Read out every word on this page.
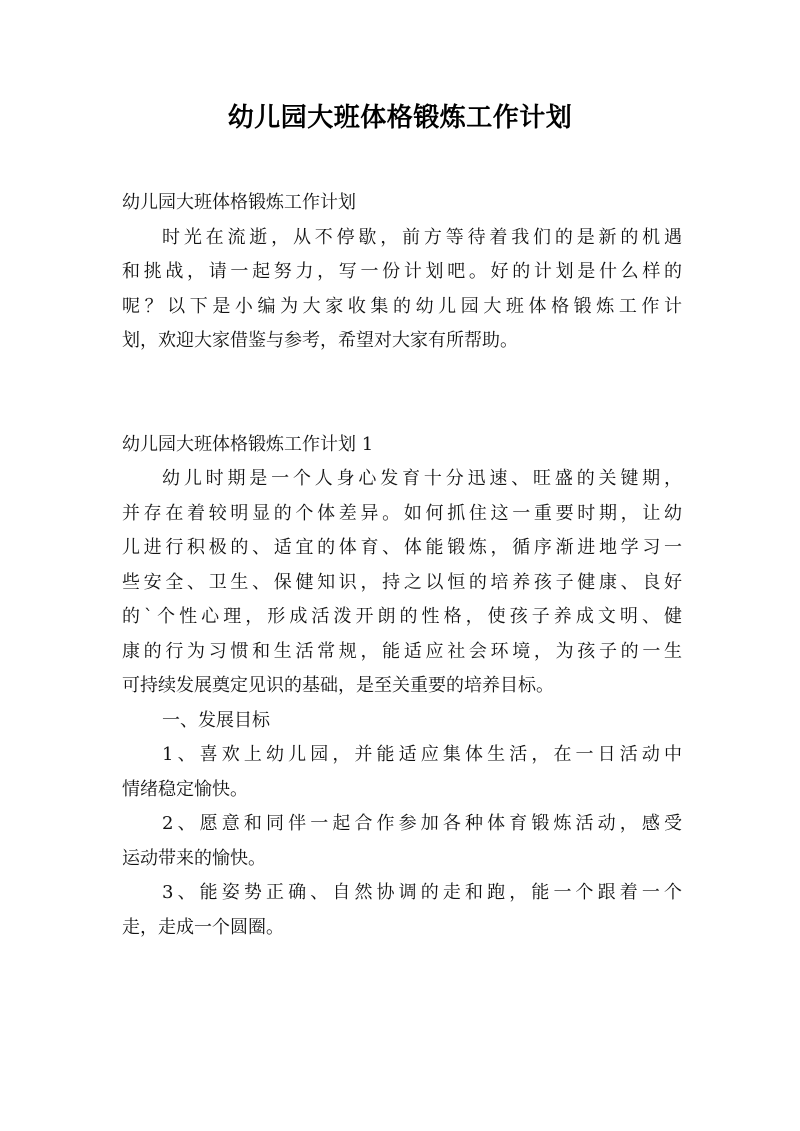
幼儿园大班体格锻炼工作计划

幼儿园大班体格锻炼工作计划

时光在流逝，从不停歇，前方等待着我们的是新的机遇

和挑战，请一起努力，写一份计划吧。好的计划是什么样的

呢？以下是小编为大家收集的幼儿园大班体格锻炼工作计

划，欢迎大家借鉴与参考，希望对大家有所帮助。

幼儿园大班体格锻炼工作计划 1

幼儿时期是一个人身心发育十分迅速、旺盛的关键期，

并存在着较明显的个体差异。如何抓住这一重要时期，让幼

儿进行积极的、适宜的体育、体能锻炼，循序渐进地学习一

些安全、卫生、保健知识，持之以恒的培养孩子健康、良好

的`个性心理，形成活泼开朗的性格，使孩子养成文明、健

康的行为习惯和生活常规，能适应社会环境，为孩子的一生

可持续发展奠定见识的基础，是至关重要的培养目标。

一、发展目标

1、喜欢上幼儿园，并能适应集体生活，在一日活动中

情绪稳定愉快。

2、愿意和同伴一起合作参加各种体育锻炼活动，感受

运动带来的愉快。

3、能姿势正确、自然协调的走和跑，能一个跟着一个

走，走成一个圆圈。
